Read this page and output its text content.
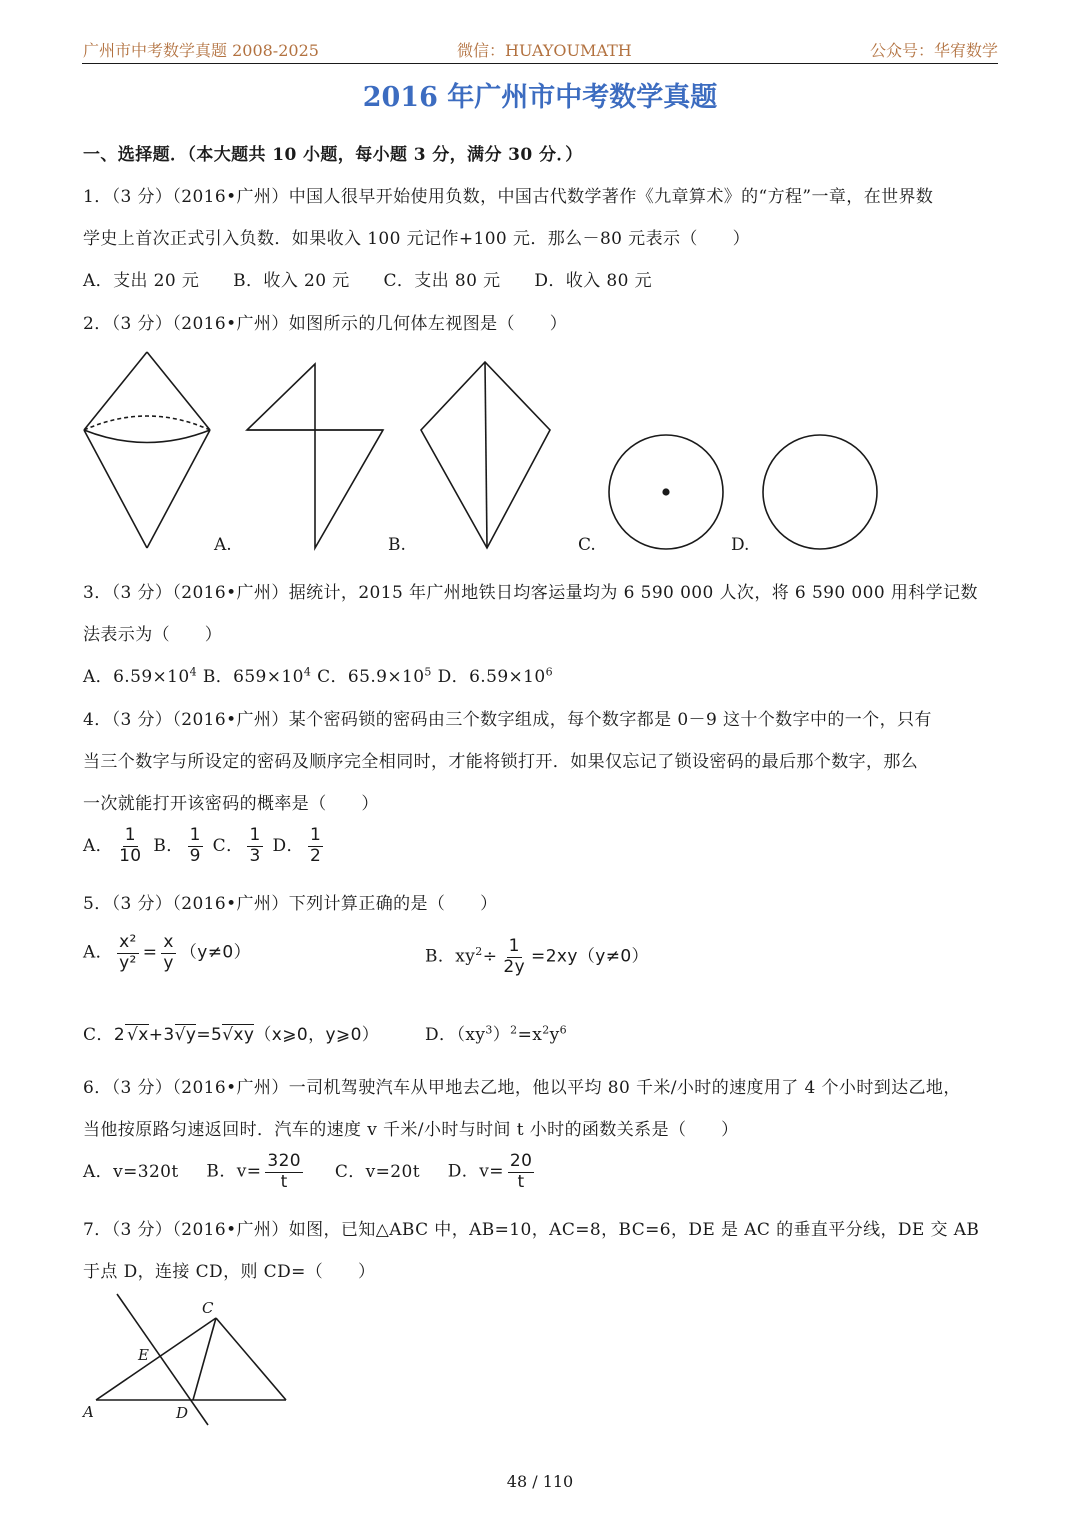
广州市中考数学真题 2008-2025	微信：HUAYOUMATH	公众号：华宥数学
2016 年广州市中考数学真题
一、选择题．（本大题共 10 小题，每小题 3 分，满分 30 分．）
1．（3 分）（2016•广州）中国人很早开始使用负数，中国古代数学著作《九章算术》的“方程”一章，在世界数
学史上首次正式引入负数．如果收入 100 元记作+100 元．那么－80 元表示（　　）
A．支出 20 元 B．收入 20 元 C．支出 80 元 D．收入 80 元
2．（3 分）（2016•广州）如图所示的几何体左视图是（　　）
A
C
D
E
A.	B.	C.	D.
3．（3 分）（2016•广州）据统计，2015 年广州地铁日均客运量均为 6 590 000 人次，将 6 590 000 用科学记数
法表示为（　　）
A．$6.59\times 10^4$ B．$659\times 10^4$ C．$65.9\times 10^5$ D．$6.59\times 10^6$
4．（3 分）（2016•广州）某个密码锁的密码由三个数字组成，每个数字都是 0－9 这十个数字中的一个，只有
当三个数字与所设定的密码及顺序完全相同时，才能将锁打开．如果仅忘记了锁设密码的最后那个数字，那么
一次就能打开该密码的概率是（　　）
A． $\frac{1}{10}$ B． $\frac{1}{9}$ C． $\frac{1}{3}$ D． $\frac{1}{2}$
5．（3 分）（2016•广州）下列计算正确的是（　　）
A． $\frac{\text{x²}}{\text{y²}} = \frac{x}{y} (y\ne 0)$	B．$xy^2\div \frac{1}{2y} =2xy(y\ne 0)$
C．2 √x+3√y=5√xy（x⩾0，y⩾0）	D．$(xy^3)^2=x^2y^6$
6．（3 分）（2016•广州）一司机驾驶汽车从甲地去乙地，他以平均 80 千米/小时的速度用了 4 个小时到达乙地，
当他按原路匀速返回时．汽车的速度 v 千米/小时与时间 t 小时的函数关系是（　　）
A．v=320t B．$v= \frac{320}{t}$ C．v=20t D．$v= \frac{20}{t}$
7．（3 分）（2016•广州）如图，已知△ABC 中，AB=10，AC=8，BC=6，DE 是 AC 的垂直平分线，DE 交 AB
于点 D，连接 CD，则 CD=（　　）
48 / 110
